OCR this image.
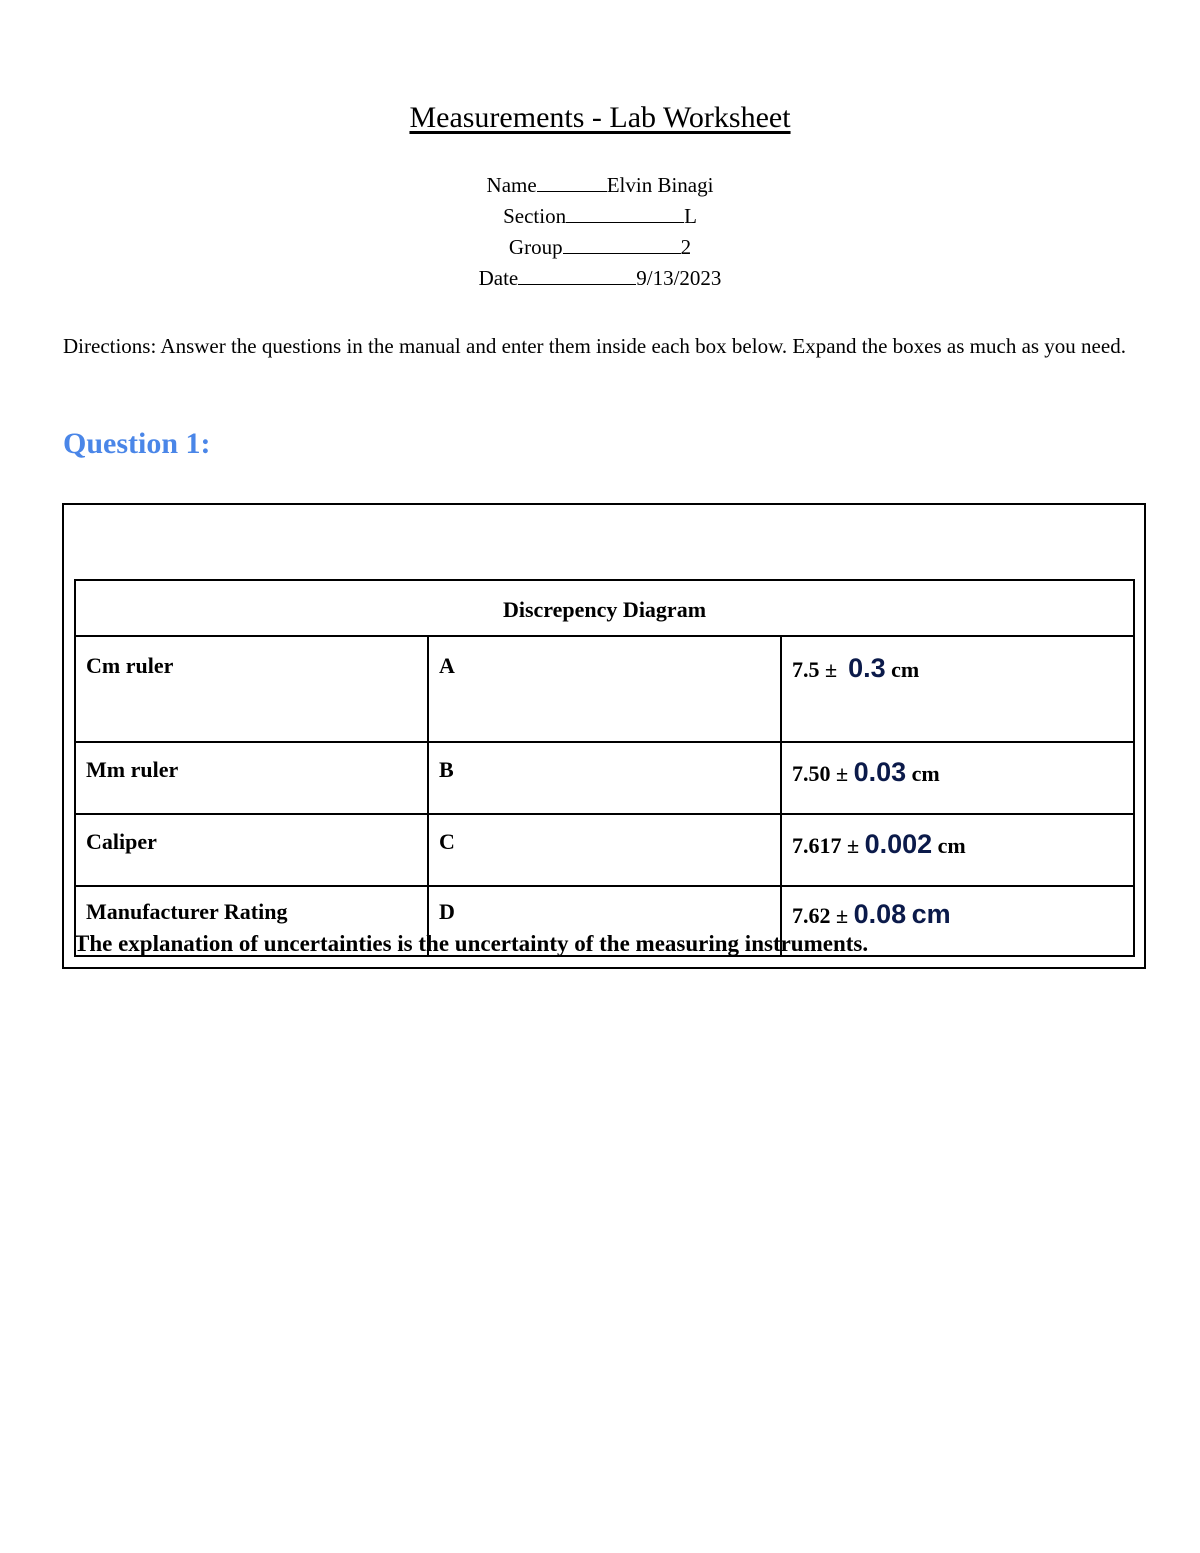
Measurements - Lab Worksheet
Name	Elvin Binagi
Section	L
Group	2
Date	9/13/2023
Directions: Answer the questions in the manual and enter them inside each box below. Expand the boxes as much as you need.
Question 1:
Discrepency Diagram		
Cm ruler	A	7.5 ± 0.3 cm
Mm ruler	B	7.50 ± 0.03 cm
Caliper	C	7.617 ± 0.002 cm
Manufacturer Rating	D	7.62 ± 0.08 cm
The explanation of uncertainties is the uncertainty of the measuring instruments.
